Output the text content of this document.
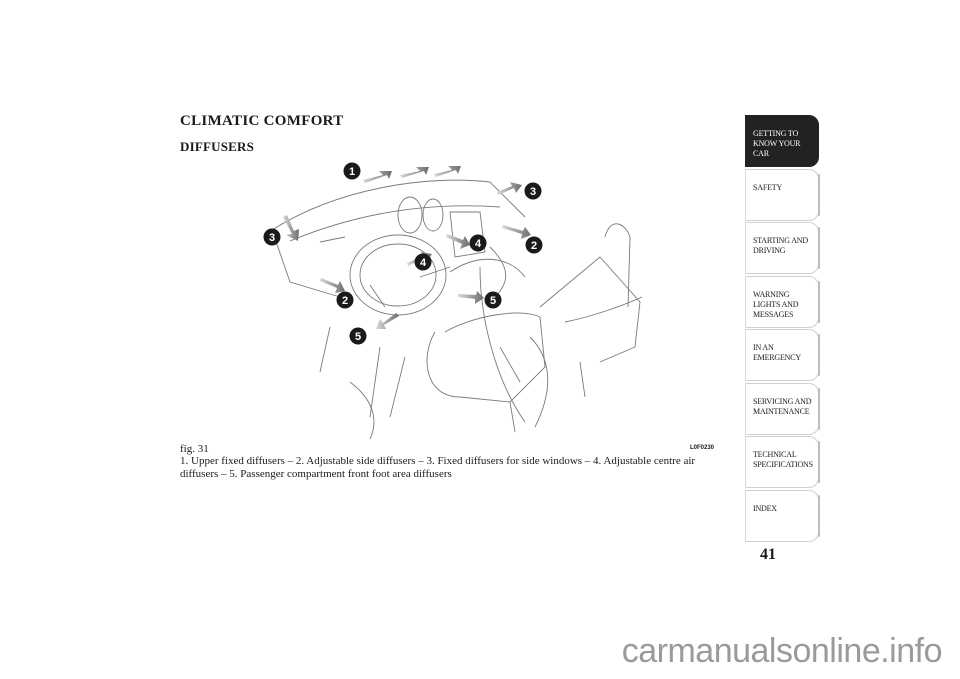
CLIMATIC COMFORT
DIFFUSERS
1
2
3
3	4
4
2
5
5
fig. 31	L0F0230
1. Upper fixed diffusers – 2. Adjustable side diffusers – 3. Fixed diffusers for side windows – 4. Adjustable centre air diffusers – 5. Passenger compartment front foot area diffusers
GETTING TO KNOW YOUR CAR
SAFETY
STARTING AND DRIVING
WARNING LIGHTS AND MESSAGES
IN AN EMERGENCY
SERVICING AND MAINTENANCE
TECHNICAL SPECIFICATIONS
INDEX
41
carmanualsonline.info
